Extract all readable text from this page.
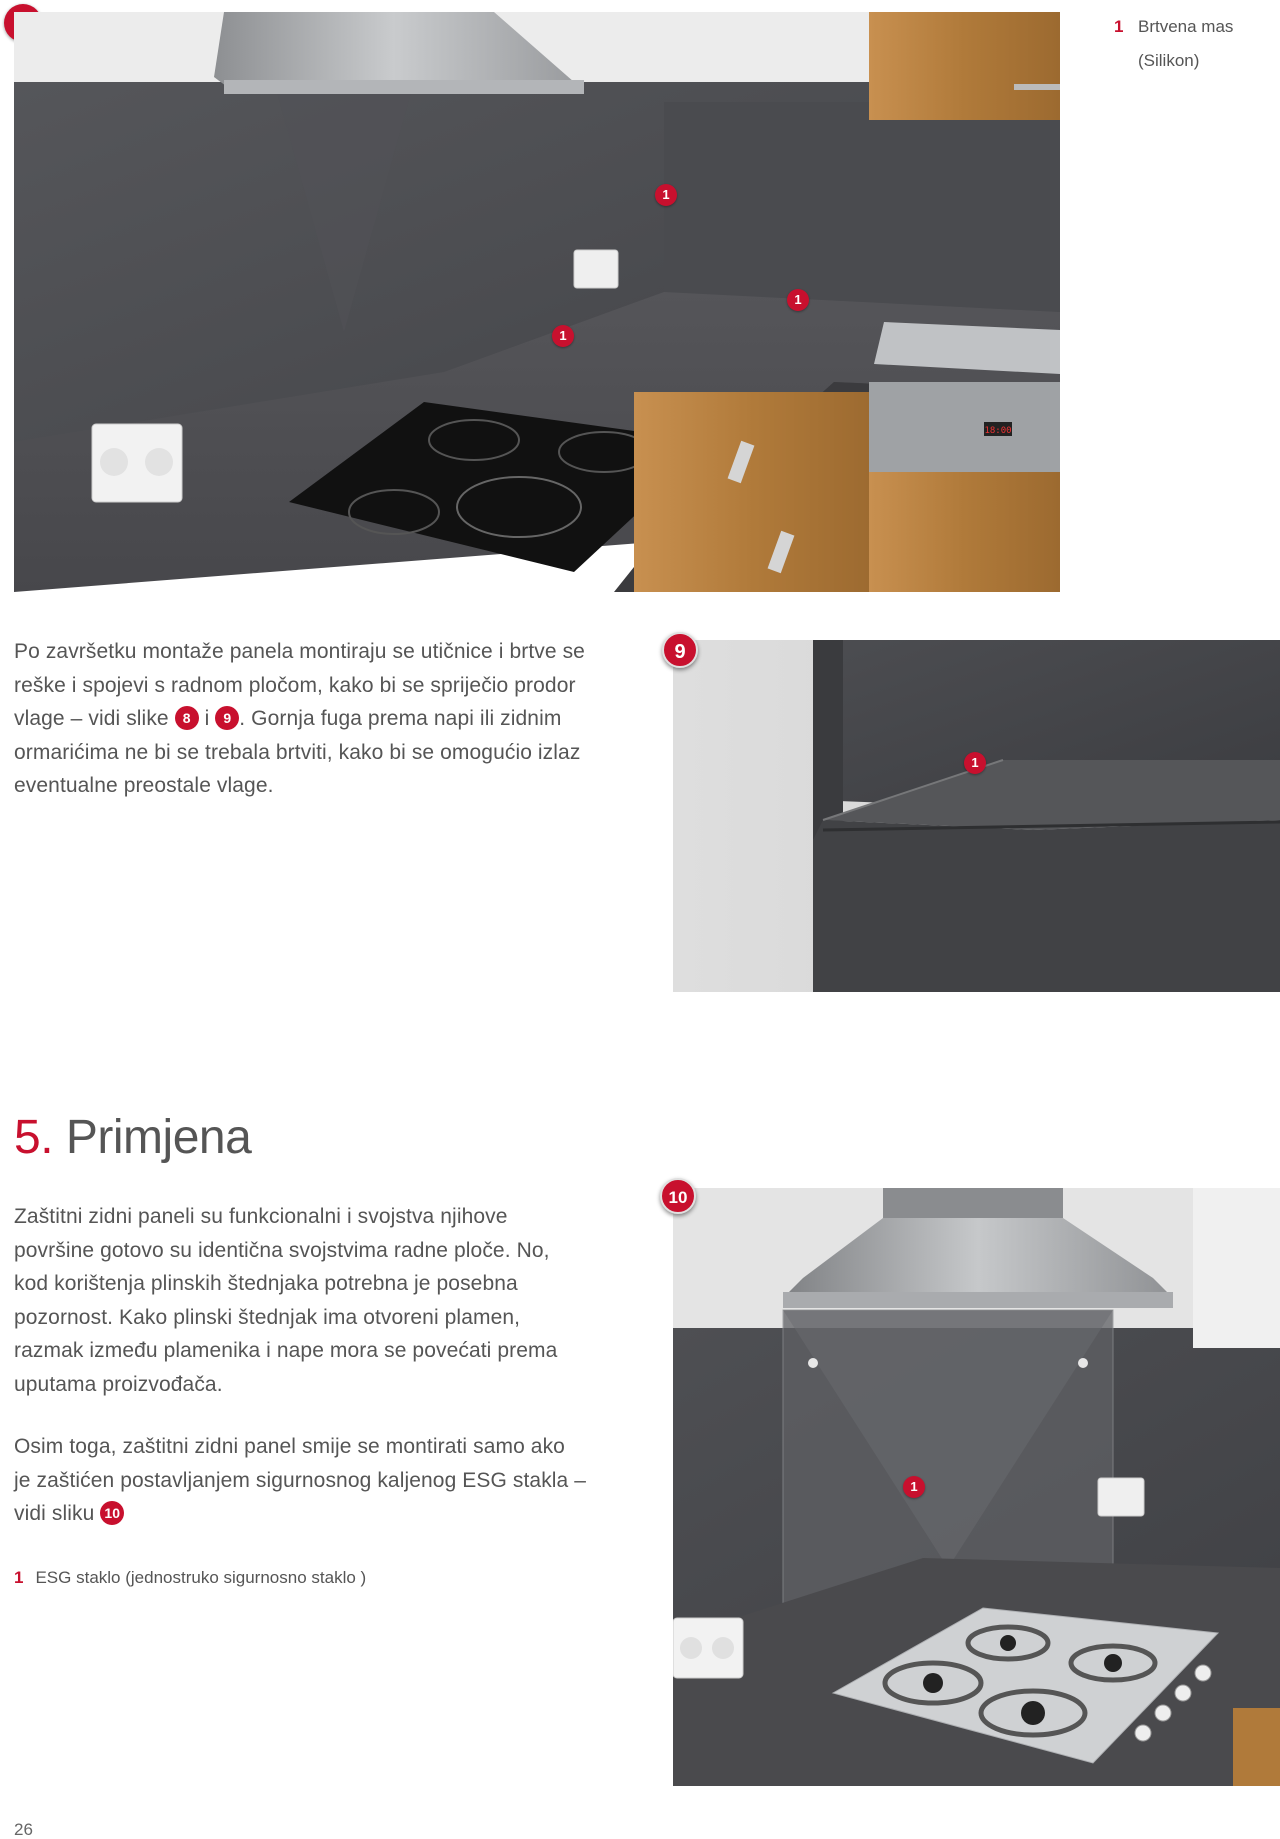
1 Brtvena mas
(Silikon)
18:00
1
1
1
Po završetku montaže panela montiraju se utičnice i brtve se
reške i spojevi s radnom pločom, kako bi se spriječio prodor
vlage – vidi slike 8 i 9 . Gornja fuga prema napi ili zidnim
ormarićima ne bi se trebala brtviti, kako bi se omogućio izlaz
eventualne preostale vlage.
9
1
5. Primjena
Zaštitni zidni paneli su funkcionalni i svojstva njihove
površine gotovo su identična svojstvima radne ploče. No,
kod korištenja plinskih štednjaka potrebna je posebna
pozornost. Kako plinski štednjak ima otvoreni plamen,
razmak između plamenika i nape mora se povećati prema
uputama proizvođača.
Osim toga, zaštitni zidni panel smije se montirati samo ako
je zaštićen postavljanjem sigurnosnog kaljenog ESG stakla –
vidi sliku 10
1 ESG staklo (jednostruko sigurnosno staklo )
10
1
26
